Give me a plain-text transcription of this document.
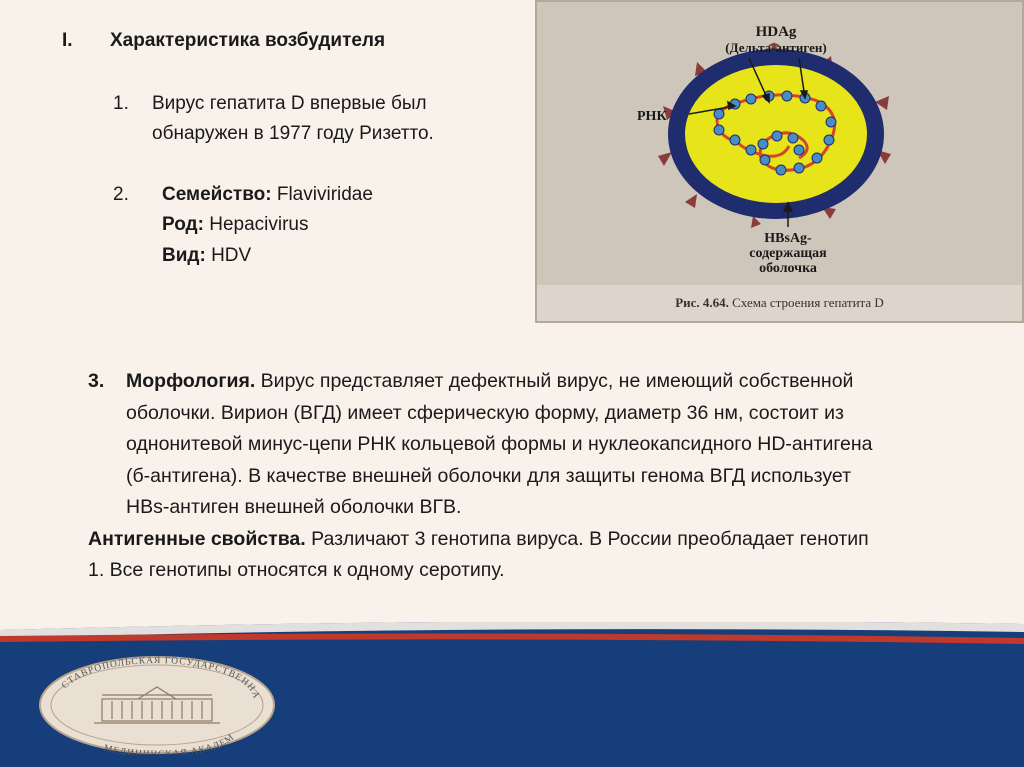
I. Характеристика возбудителя
1. Вирус гепатита D впервые был
обнаружен в 1977 году Ризетто.
2. Семейство: Flaviviridae
Род: Hepacivirus
Вид: HDV
HDAg
(Дельта-антиген)
РНК
HBsAg-
содержащая
оболочка
Рис. 4.64. Схема строения гепатита D
3.	Морфология. Вирус представляет дефектный вирус, не имеющий собственной оболочки. Вирион (ВГД) имеет сферическую форму, диаметр 36 нм, состоит из однонитевой минус-цепи РНК кольцевой формы и нуклеокапсидного HD-антигена (б-антигена). В качестве внешней оболочки для защиты генома ВГД использует HBs-антиген внешней оболочки ВГВ.
Антигенные свойства. Различают 3 генотипа вируса. В России преобладает генотип 1. Все генотипы относятся к одному серотипу.
СТАВРОПОЛЬСКАЯ ГОСУДАРСТВЕННА
МЕДИЦИНСКАЯ АКАДЕМ
